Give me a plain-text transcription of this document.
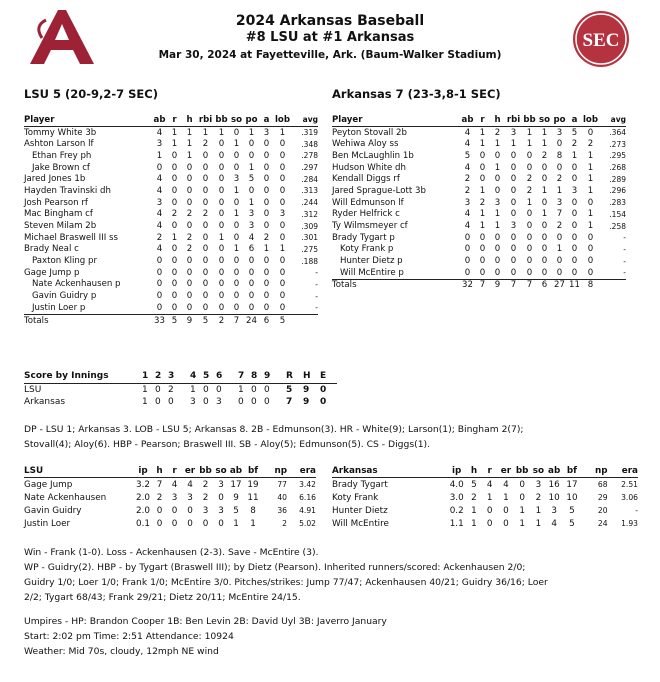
2024 Arkansas Baseball
#8 LSU at #1 Arkansas
Mar 30, 2024 at Fayetteville, Ark. (Baum-Walker Stadium)
SEC
LSU 5 (20-9,2-7 SEC)	Arkansas 7 (23-3,8-1 SEC)
Player	ab	r	h	rbi	bb	so	po	a	lob	avg
Tommy White 3b	4	1	1	1	1	0	1	3	1	.319
Ashton Larson lf	3	1	1	2	0	1	0	0	0	.348
Ethan Frey ph	1	0	1	0	0	0	0	0	0	.278
Jake Brown cf	0	0	0	0	0	0	1	0	0	.297
Jared Jones 1b	4	0	0	0	0	3	5	0	0	.284
Hayden Travinski dh	4	0	0	0	0	1	0	0	0	.313
Josh Pearson rf	3	0	0	0	0	0	1	0	0	.244
Mac Bingham cf	4	2	2	2	0	1	3	0	3	.312
Steven Milam 2b	4	0	0	0	0	0	3	0	0	.309
Michael Braswell III ss	2	1	2	0	1	0	4	2	0	.301
Brady Neal c	4	0	2	0	0	1	6	1	1	.275
Paxton Kling pr	0	0	0	0	0	0	0	0	0	.188
Gage Jump p	0	0	0	0	0	0	0	0	0	-
Nate Ackenhausen p	0	0	0	0	0	0	0	0	0	-
Gavin Guidry p	0	0	0	0	0	0	0	0	0	-
Justin Loer p	0	0	0	0	0	0	0	0	0	-
Totals	33	5	9	5	2	7	24	6	5	
Player	ab	r	h	rbi	bb	so	po	a	lob	avg
Peyton Stovall 2b	4	1	2	3	1	1	3	5	0	.364
Wehiwa Aloy ss	4	1	1	1	1	1	0	2	2	.273
Ben McLaughlin 1b	5	0	0	0	0	2	8	1	1	.295
Hudson White dh	4	0	1	0	0	0	0	0	1	.268
Kendall Diggs rf	2	0	0	0	2	0	2	0	1	.289
Jared Sprague-Lott 3b	2	1	0	0	2	1	1	3	1	.296
Will Edmunson lf	3	2	3	0	1	0	3	0	0	.283
Ryder Helfrick c	4	1	1	0	0	1	7	0	1	.154
Ty Wilmsmeyer cf	4	1	1	3	0	0	2	0	1	.258
Brady Tygart p	0	0	0	0	0	0	0	0	0	-
Koty Frank p	0	0	0	0	0	0	1	0	0	-
Hunter Dietz p	0	0	0	0	0	0	0	0	0	-
Will McEntire p	0	0	0	0	0	0	0	0	0	-
Totals	32	7	9	7	7	6	27	11	8	
Score by Innings	1	2	3	4	5	6	7	8	9	R	H	E
LSU	1	0	2	1	0	0	1	0	0	5	9	0
Arkansas	1	0	0	3	0	3	0	0	0	7	9	0
DP - LSU 1; Arkansas 3. LOB - LSU 5; Arkansas 8. 2B - Edmunson(3). HR - White(9); Larson(1); Bingham 2(7);
Stovall(4); Aloy(6). HBP - Pearson; Braswell III. SB - Aloy(5); Edmunson(5). CS - Diggs(1).
LSU	ip	h	r	er	bb	so	ab	bf	np	era
Gage Jump	3.2	7	4	4	2	3	17	19	77	3.42
Nate Ackenhausen	2.0	2	3	3	2	0	9	11	40	6.16
Gavin Guidry	2.0	0	0	0	3	3	5	8	36	4.91
Justin Loer	0.1	0	0	0	0	0	1	1	2	5.02
Arkansas	ip	h	r	er	bb	so	ab	bf	np	era
Brady Tygart	4.0	5	4	4	0	3	16	17	68	2.51
Koty Frank	3.0	2	1	1	0	2	10	10	29	3.06
Hunter Dietz	0.2	1	0	0	1	1	3	5	20	-
Will McEntire	1.1	1	0	0	1	1	4	5	24	1.93
Win - Frank (1-0). Loss - Ackenhausen (2-3). Save - McEntire (3).
WP - Guidry(2). HBP - by Tygart (Braswell III); by Dietz (Pearson). Inherited runners/scored: Ackenhausen 2/0;
Guidry 1/0; Loer 1/0; Frank 1/0; McEntire 3/0. Pitches/strikes: Jump 77/47; Ackenhausen 40/21; Guidry 36/16; Loer
2/2; Tygart 68/43; Frank 29/21; Dietz 20/11; McEntire 24/15.
Umpires - HP: Brandon Cooper 1B: Ben Levin 2B: David Uyl 3B: Javerro January
Start: 2:02 pm Time: 2:51 Attendance: 10924
Weather: Mid 70s, cloudy, 12mph NE wind
